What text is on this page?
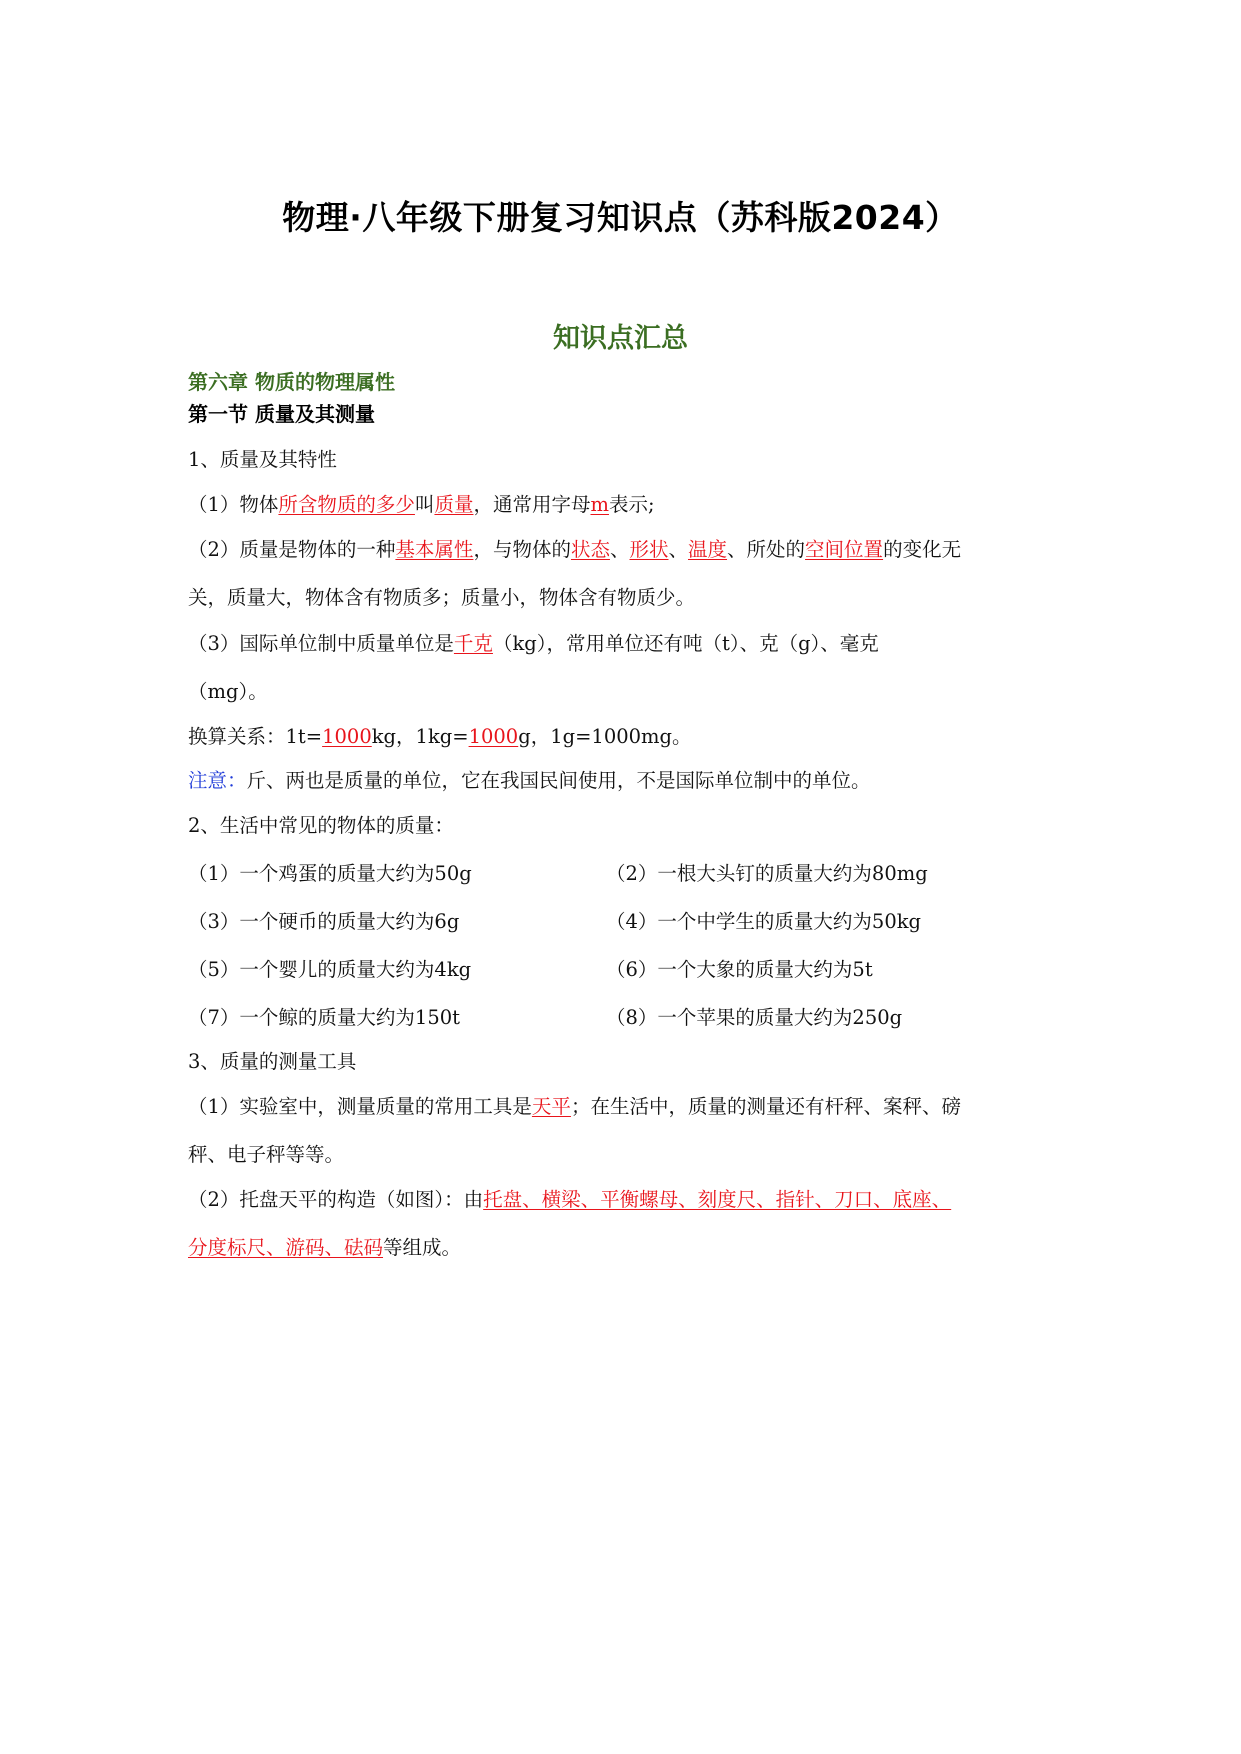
物理·八年级下册复习知识点（苏科版2024）
知识点汇总
第六章 物质的物理属性
第一节 质量及其测量
1、质量及其特性
（1）物体所含物质的多少叫质量，通常用字母m表示;
（2）质量是物体的一种基本属性，与物体的状态、形状、温度、所处的空间位置的变化无
关，质量大，物体含有物质多；质量小，物体含有物质少。
（3）国际单位制中质量单位是千克（kg），常用单位还有吨（t）、克（g）、毫克
（mg）。
换算关系：1t=1000kg，1kg=1000g，1g=1000mg。
注意：斤、两也是质量的单位，它在我国民间使用，不是国际单位制中的单位。
2、生活中常见的物体的质量：
（1）一个鸡蛋的质量大约为50g	（2）一根大头钉的质量大约为80mg
（3）一个硬币的质量大约为6g	（4）一个中学生的质量大约为50kg
（5）一个婴儿的质量大约为4kg	（6）一个大象的质量大约为5t
（7）一个鲸的质量大约为150t	（8）一个苹果的质量大约为250g
3、质量的测量工具
（1）实验室中，测量质量的常用工具是天平；在生活中，质量的测量还有杆秤、案秤、磅
秤、电子秤等等。
（2）托盘天平的构造（如图）：由托盘、横梁、平衡螺母、刻度尺、指针、刀口、底座、
分度标尺、游码、砝码等组成。
